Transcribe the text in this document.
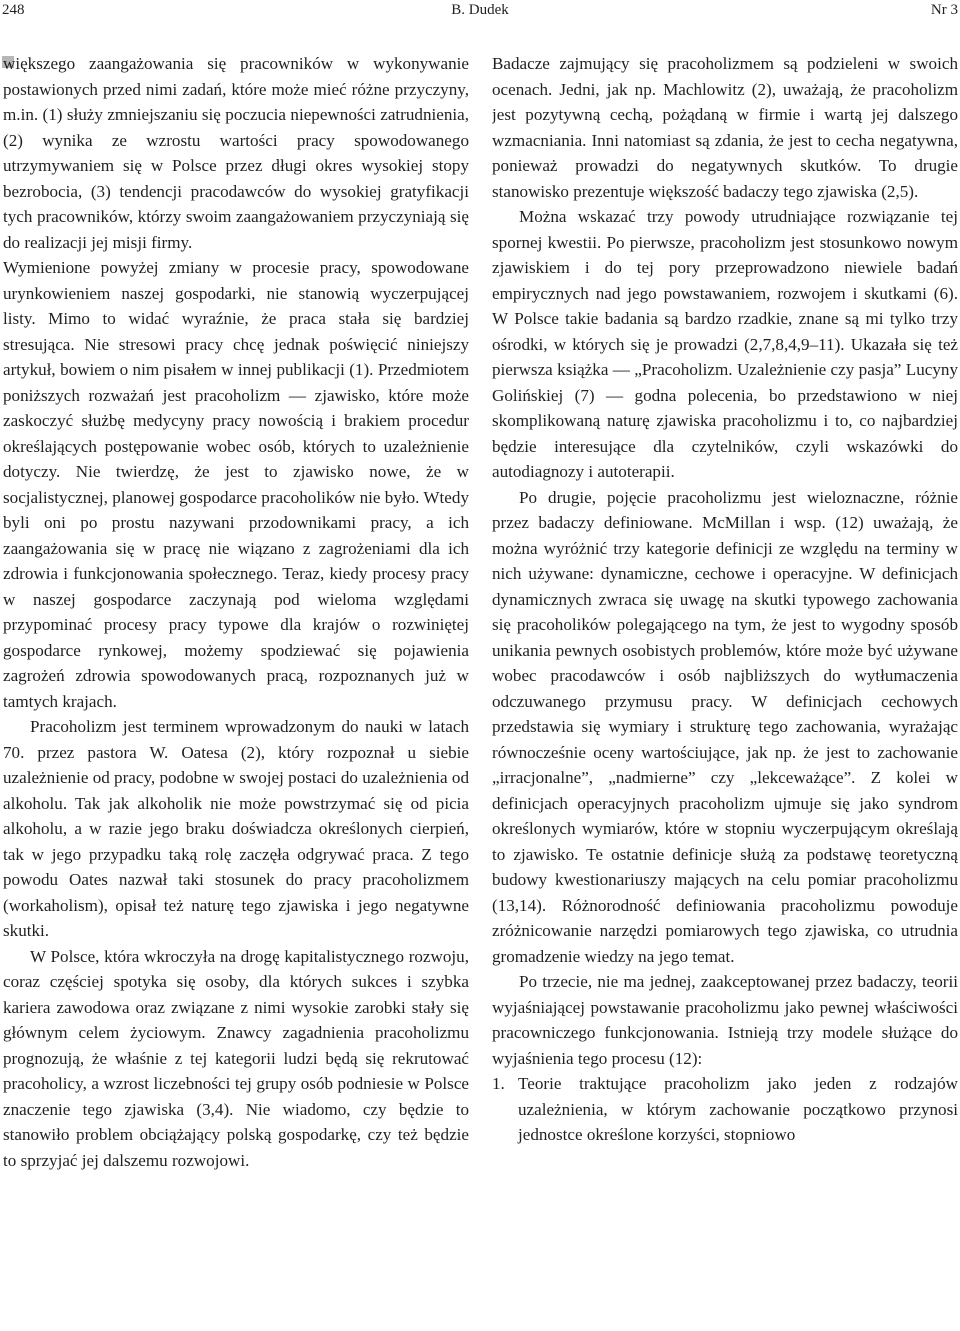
248	B. Dudek	Nr 3

większego zaangażowania się pracowników w wykonywanie postawionych przed nimi zadań, które może mieć różne przyczyny, m.in. (1) służy zmniejszaniu się poczucia niepewności zatrudnienia, (2) wynika ze wzrostu wartości pracy spowodowanego utrzymywaniem się w Polsce przez długi okres wysokiej stopy bezrobocia, (3) tendencji pracodawców do wysokiej gratyfikacji tych pracowników, którzy swoim zaangażowaniem przyczyniają się do realizacji jej misji firmy.

Wymienione powyżej zmiany w procesie pracy, spowodowane urynkowieniem naszej gospodarki, nie stanowią wyczerpującej listy. Mimo to widać wyraźnie, że praca stała się bardziej stresująca. Nie stresowi pracy chcę jednak poświęcić niniejszy artykuł, bowiem o nim pisałem w innej publikacji (1). Przedmiotem poniższych rozważań jest pracoholizm — zjawisko, które może zaskoczyć służbę medycyny pracy nowością i brakiem procedur określających postępowanie wobec osób, których to uzależnienie dotyczy. Nie twierdzę, że jest to zjawisko nowe, że w socjalistycznej, planowej gospodarce pracoholików nie było. Wtedy byli oni po prostu nazywani przodownikami pracy, a ich zaangażowania się w pracę nie wiązano z zagrożeniami dla ich zdrowia i funkcjonowania społecznego. Teraz, kiedy procesy pracy w naszej gospodarce zaczynają pod wieloma względami przypominać procesy pracy typowe dla krajów o rozwiniętej gospodarce rynkowej, możemy spodziewać się pojawienia zagrożeń zdrowia spowodowanych pracą, rozpoznanych już w tamtych krajach.

Pracoholizm jest terminem wprowadzonym do nauki w latach 70. przez pastora W. Oatesa (2), który rozpoznał u siebie uzależnienie od pracy, podobne w swojej postaci do uzależnienia od alkoholu. Tak jak alkoholik nie może powstrzymać się od picia alkoholu, a w razie jego braku doświadcza określonych cierpień, tak w jego przypadku taką rolę zaczęła odgrywać praca. Z tego powodu Oates nazwał taki stosunek do pracy pracoholizmem (workaholism), opisał też naturę tego zjawiska i jego negatywne skutki.

W Polsce, która wkroczyła na drogę kapitalistycznego rozwoju, coraz częściej spotyka się osoby, dla których sukces i szybka kariera zawodowa oraz związane z nimi wysokie zarobki stały się głównym celem życiowym. Znawcy zagadnienia pracoholizmu prognozują, że właśnie z tej kategorii ludzi będą się rekrutować pracoholicy, a wzrost liczebności tej grupy osób podniesie w Polsce znaczenie tego zjawiska (3,4). Nie wiadomo, czy będzie to stanowiło problem obciążający polską gospodarkę, czy też będzie to sprzyjać jej dalszemu rozwojowi.

Badacze zajmujący się pracoholizmem są podzieleni w swoich ocenach. Jedni, jak np. Machlowitz (2), uważają, że pracoholizm jest pozytywną cechą, pożądaną w firmie i wartą jej dalszego wzmacniania. Inni natomiast są zdania, że jest to cecha negatywna, ponieważ prowadzi do negatywnych skutków. To drugie stanowisko prezentuje większość badaczy tego zjawiska (2,5).

Można wskazać trzy powody utrudniające rozwiązanie tej spornej kwestii. Po pierwsze, pracoholizm jest stosunkowo nowym zjawiskiem i do tej pory przeprowadzono niewiele badań empirycznych nad jego powstawaniem, rozwojem i skutkami (6). W Polsce takie badania są bardzo rzadkie, znane są mi tylko trzy ośrodki, w których się je prowadzi (2,7,8,4,9–11). Ukazała się też pierwsza książka — „Pracoholizm. Uzależnienie czy pasja” Lucyny Golińskiej (7) — godna polecenia, bo przedstawiono w niej skomplikowaną naturę zjawiska pracoholizmu i to, co najbardziej będzie interesujące dla czytelników, czyli wskazówki do autodiagnozy i autoterapii.

Po drugie, pojęcie pracoholizmu jest wieloznaczne, różnie przez badaczy definiowane. McMillan i wsp. (12) uważają, że można wyróżnić trzy kategorie definicji ze względu na terminy w nich używane: dynamiczne, cechowe i operacyjne. W definicjach dynamicznych zwraca się uwagę na skutki typowego zachowania się pracoholików polegającego na tym, że jest to wygodny sposób unikania pewnych osobistych problemów, które może być używane wobec pracodawców i osób najbliższych do wytłumaczenia odczuwanego przymusu pracy. W definicjach cechowych przedstawia się wymiary i strukturę tego zachowania, wyrażając równocześnie oceny wartościujące, jak np. że jest to zachowanie „irracjonalne”, „nadmierne” czy „lekceważące”. Z kolei w definicjach operacyjnych pracoholizm ujmuje się jako syndrom określonych wymiarów, które w stopniu wyczerpującym określają to zjawisko. Te ostatnie definicje służą za podstawę teoretyczną budowy kwestionariuszy mających na celu pomiar pracoholizmu (13,14). Różnorodność definiowania pracoholizmu powoduje zróżnicowanie narzędzi pomiarowych tego zjawiska, co utrudnia gromadzenie wiedzy na jego temat.

Po trzecie, nie ma jednej, zaakceptowanej przez badaczy, teorii wyjaśniającej powstawanie pracoholizmu jako pewnej właściwości pracowniczego funkcjonowania. Istnieją trzy modele służące do wyjaśnienia tego procesu (12):

1. Teorie traktujące pracoholizm jako jeden z rodzajów uzależnienia, w którym zachowanie początkowo przynosi jednostce określone korzyści, stopniowo
